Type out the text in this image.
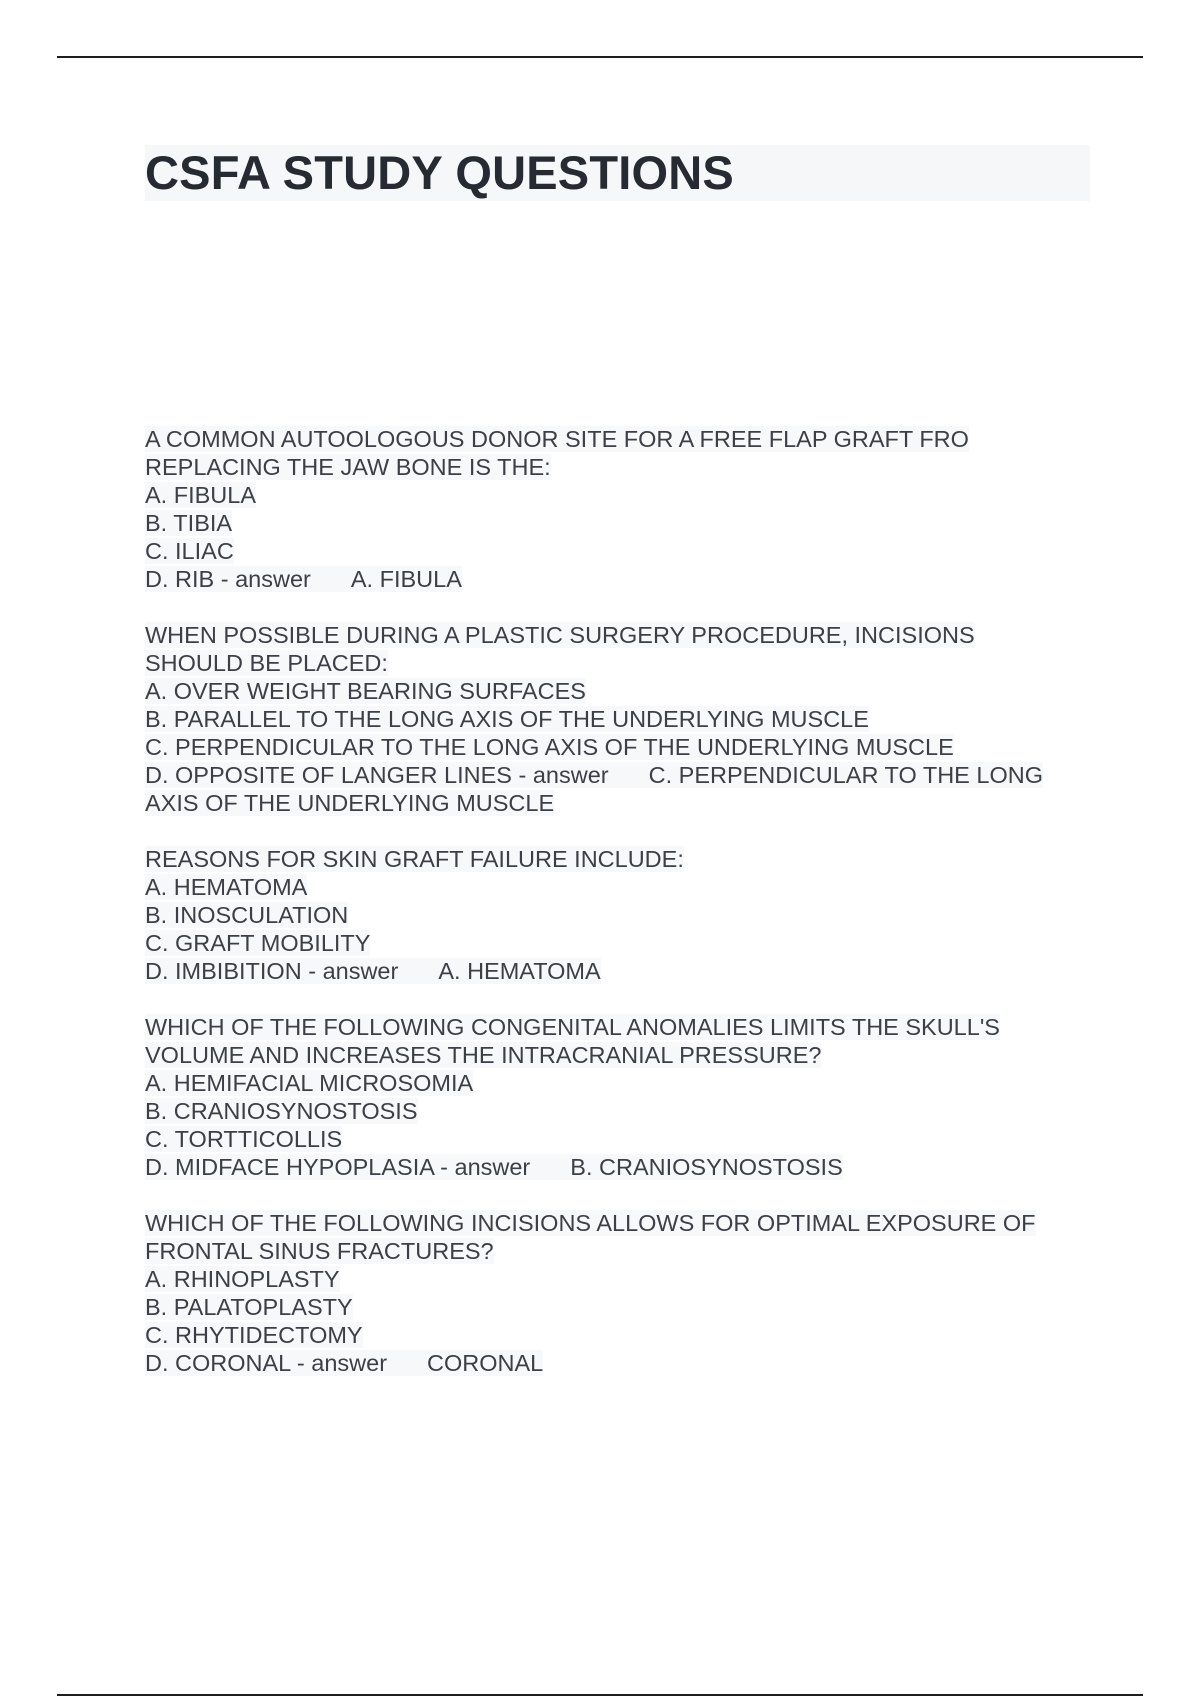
CSFA STUDY QUESTIONS
A COMMON AUTOOLOGOUS DONOR SITE FOR A FREE FLAP GRAFT FRO
REPLACING THE JAW BONE IS THE:
A. FIBULA
B. TIBIA
C. ILIAC
D. RIB - answer A. FIBULA
WHEN POSSIBLE DURING A PLASTIC SURGERY PROCEDURE, INCISIONS
SHOULD BE PLACED:
A. OVER WEIGHT BEARING SURFACES
B. PARALLEL TO THE LONG AXIS OF THE UNDERLYING MUSCLE
C. PERPENDICULAR TO THE LONG AXIS OF THE UNDERLYING MUSCLE
D. OPPOSITE OF LANGER LINES - answer C. PERPENDICULAR TO THE LONG
AXIS OF THE UNDERLYING MUSCLE
REASONS FOR SKIN GRAFT FAILURE INCLUDE:
A. HEMATOMA
B. INOSCULATION
C. GRAFT MOBILITY
D. IMBIBITION - answer A. HEMATOMA
WHICH OF THE FOLLOWING CONGENITAL ANOMALIES LIMITS THE SKULL'S
VOLUME AND INCREASES THE INTRACRANIAL PRESSURE?
A. HEMIFACIAL MICROSOMIA
B. CRANIOSYNOSTOSIS
C. TORTTICOLLIS
D. MIDFACE HYPOPLASIA - answer B. CRANIOSYNOSTOSIS
WHICH OF THE FOLLOWING INCISIONS ALLOWS FOR OPTIMAL EXPOSURE OF
FRONTAL SINUS FRACTURES?
A. RHINOPLASTY
B. PALATOPLASTY
C. RHYTIDECTOMY
D. CORONAL - answer CORONAL
